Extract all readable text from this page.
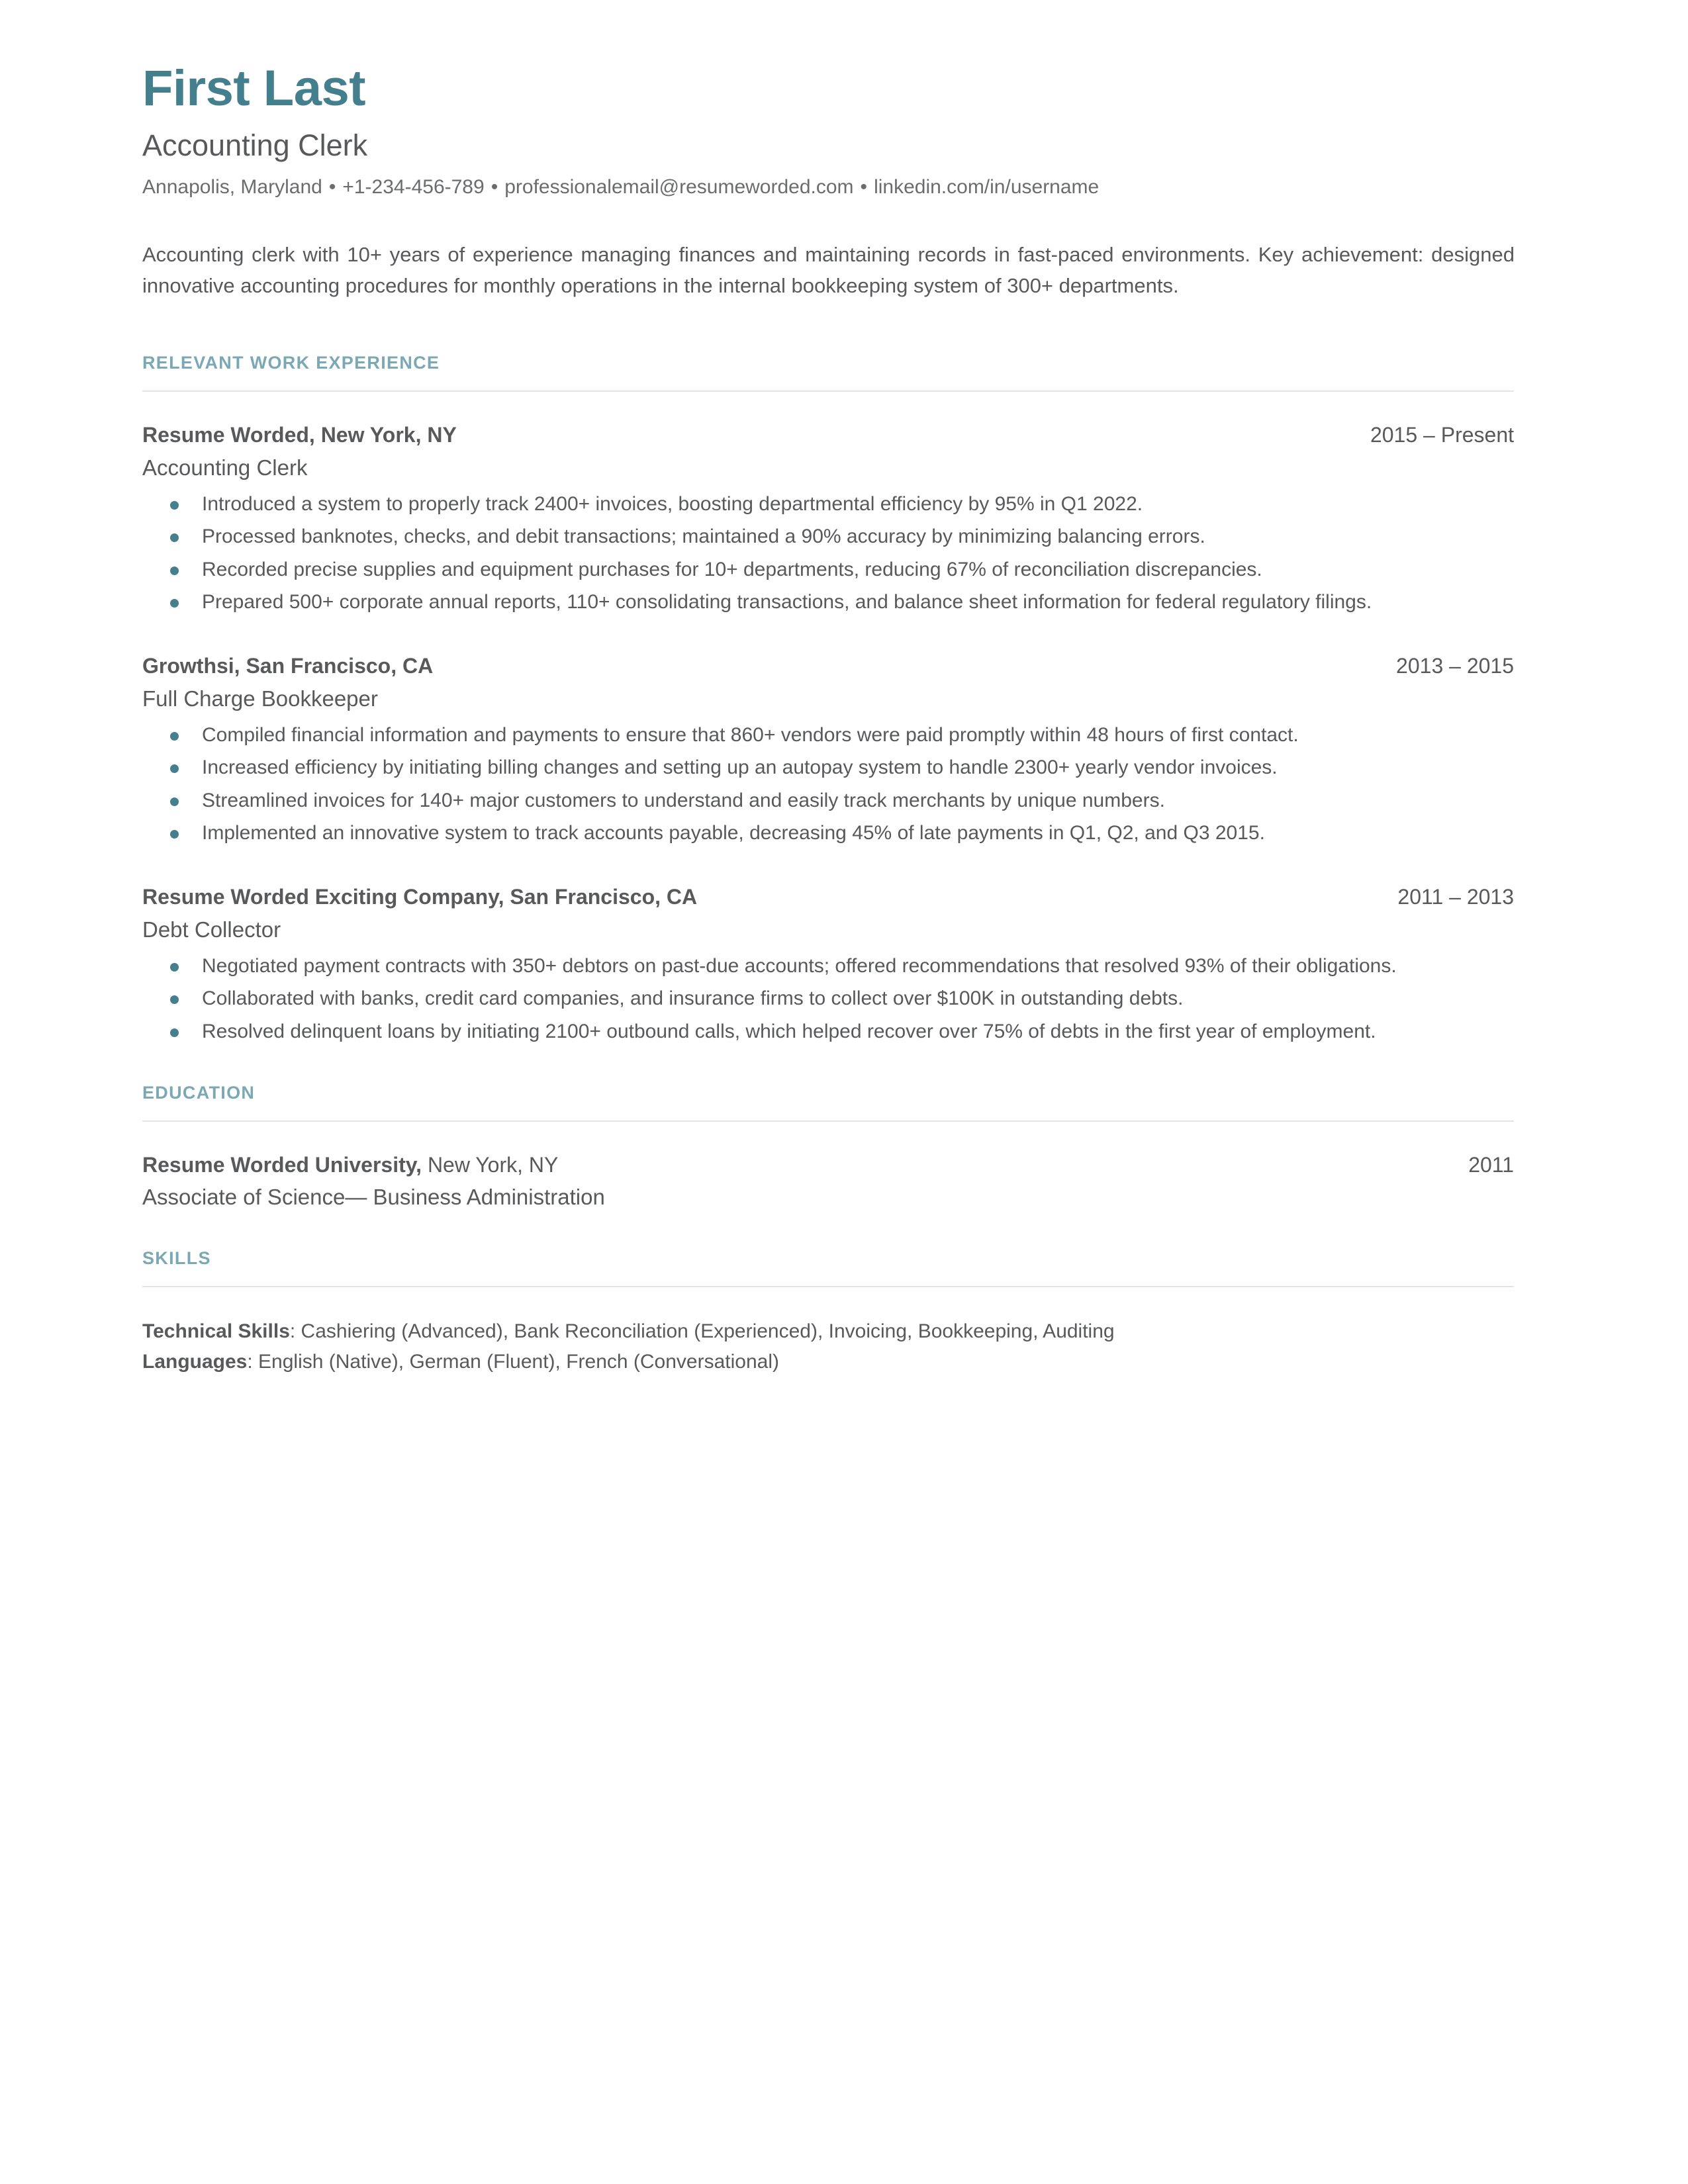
First Last
Accounting Clerk
Annapolis, Maryland • +1-234-456-789 • professionalemail@resumeworded.com • linkedin.com/in/username

Accounting clerk with 10+ years of experience managing finances and maintaining records in fast-paced environments. Key achievement: designed innovative accounting procedures for monthly operations in the internal bookkeeping system of 300+ departments.

RELEVANT WORK EXPERIENCE
Resume Worded, New York, NY	2015 – Present
Accounting Clerk
Introduced a system to properly track 2400+ invoices, boosting departmental efficiency by 95% in Q1 2022.
Processed banknotes, checks, and debit transactions; maintained a 90% accuracy by minimizing balancing errors.
Recorded precise supplies and equipment purchases for 10+ departments, reducing 67% of reconciliation discrepancies.
Prepared 500+ corporate annual reports, 110+ consolidating transactions, and balance sheet information for federal regulatory filings.
Growthsi, San Francisco, CA	2013 – 2015
Full Charge Bookkeeper
Compiled financial information and payments to ensure that 860+ vendors were paid promptly within 48 hours of first contact.
Increased efficiency by initiating billing changes and setting up an autopay system to handle 2300+ yearly vendor invoices.
Streamlined invoices for 140+ major customers to understand and easily track merchants by unique numbers.
Implemented an innovative system to track accounts payable, decreasing 45% of late payments in Q1, Q2, and Q3 2015.
Resume Worded Exciting Company, San Francisco, CA	2011 – 2013
Debt Collector
Negotiated payment contracts with 350+ debtors on past-due accounts; offered recommendations that resolved 93% of their obligations.
Collaborated with banks, credit card companies, and insurance firms to collect over $100K in outstanding debts.
Resolved delinquent loans by initiating 2100+ outbound calls, which helped recover over 75% of debts in the first year of employment.
EDUCATION
Resume Worded University, New York, NY	2011
Associate of Science— Business Administration
SKILLS
Technical Skills: Cashiering (Advanced), Bank Reconciliation (Experienced), Invoicing, Bookkeeping, Auditing
Languages: English (Native), German (Fluent), French (Conversational)
